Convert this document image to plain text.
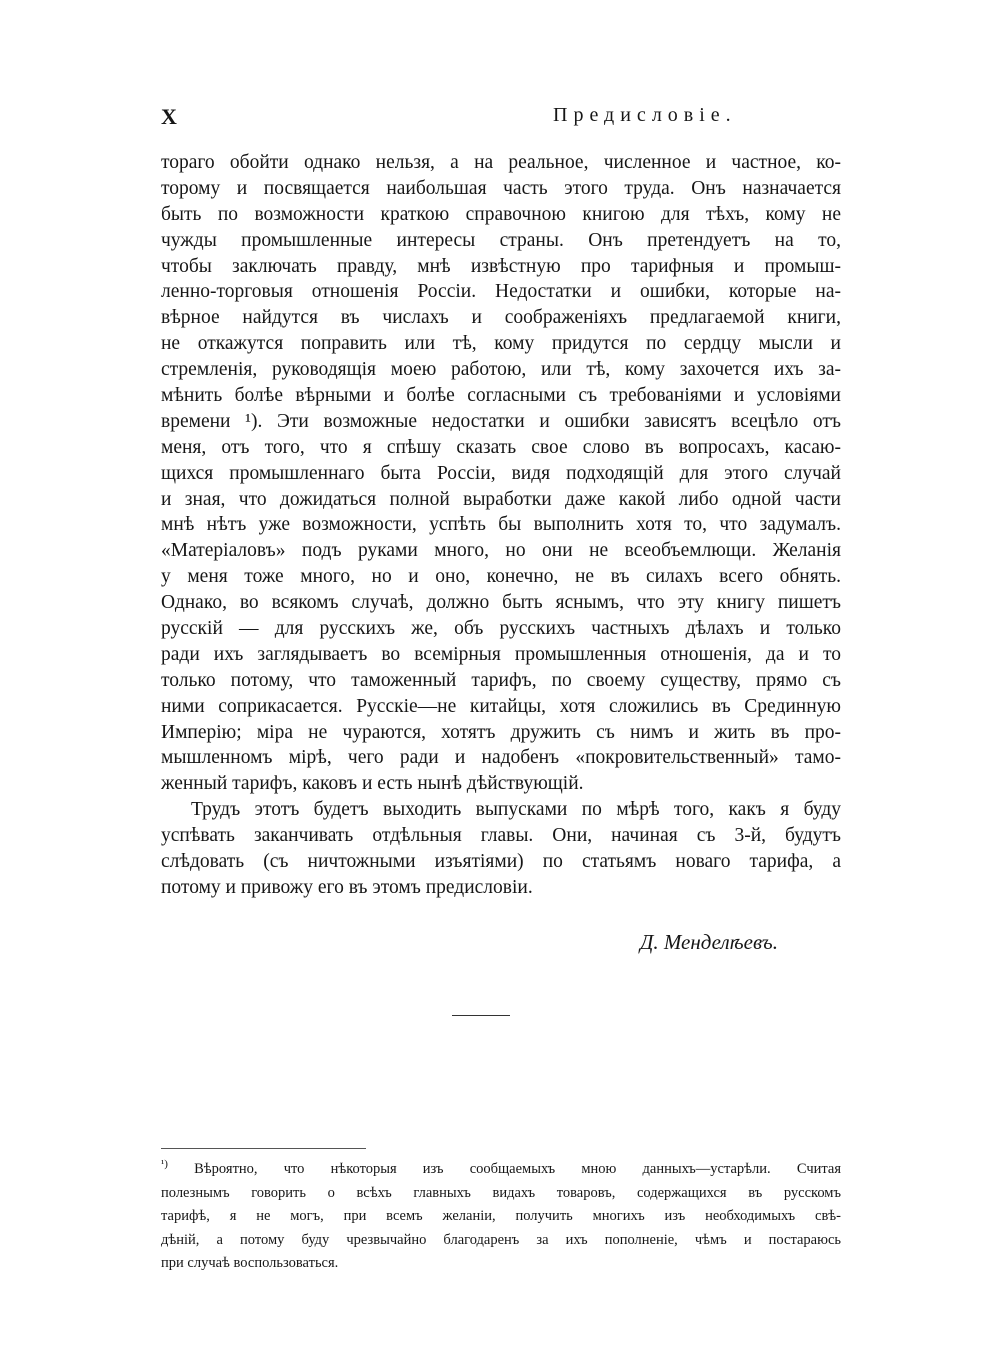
X	Предисловіе.
тораго обойти однако нельзя, а на реальное, численное и частное, ко-
торому и посвящается наибольшая часть этого труда. Онъ назначается
быть по возможности краткою справочною книгою для тѣхъ, кому не
чужды промышленные интересы страны. Онъ претендуетъ на то,
чтобы заключать правду, мнѣ извѣстную про тарифныя и промыш-
ленно-торговыя отношенія Россіи. Недостатки и ошибки, которые на-
вѣрное найдутся въ числахъ и соображеніяхъ предлагаемой книги,
не откажутся поправить или тѣ, кому придутся по сердцу мысли и
стремленія, руководящія моею работою, или тѣ, кому захочется ихъ за-
мѣнить болѣе вѣрными и болѣе согласными съ требованіями и условіями
времени ¹). Эти возможные недостатки и ошибки зависятъ всецѣло отъ
меня, отъ того, что я спѣшу сказать свое слово въ вопросахъ, касаю-
щихся промышленнаго быта Россіи, видя подходящій для этого случай
и зная, что дожидаться полной выработки даже какой либо одной части
мнѣ нѣтъ уже возможности, успѣть бы выполнить хотя то, что задумалъ.
«Матеріаловъ» подъ руками много, но они не всеобъемлющи. Желанія
у меня тоже много, но и оно, конечно, не въ силахъ всего обнять.
Однако, во всякомъ случаѣ, должно быть яснымъ, что эту книгу пишетъ
русскій — для русскихъ же, объ русскихъ частныхъ дѣлахъ и только
ради ихъ заглядываетъ во всемірныя промышленныя отношенія, да и то
только потому, что таможенный тарифъ, по своему существу, прямо съ
ними соприкасается. Русскіе—не китайцы, хотя сложились въ Срединную
Имперію; міра не чураются, хотятъ дружить съ нимъ и жить въ про-
мышленномъ мірѣ, чего ради и надобенъ «покровительственный» тамо-
женный тарифъ, каковъ и есть нынѣ дѣйствующій.
Трудъ этотъ будетъ выходить выпусками по мѣрѣ того, какъ я буду
успѣвать заканчивать отдѣльныя главы. Они, начиная съ 3-й, будутъ
слѣдовать (съ ничтожными изъятіями) по статьямъ новаго тарифа, а
потому и привожу его въ этомъ предисловіи.
Д. Менделѣевъ.
$^{^1)}$ Вѣроятно, что нѣкоторыя изъ сообщаемыхъ мною данныхъ—устарѣли. Считая
полезнымъ говорить о всѣхъ главныхъ видахъ товаровъ, содержащихся въ русскомъ
тарифѣ, я не могъ, при всемъ желаніи, получить многихъ изъ необходимыхъ свѣ-
дѣній, а потому буду чрезвычайно благодаренъ за ихъ пополненіе, чѣмъ и постараюсь
при случаѣ воспользоваться.
